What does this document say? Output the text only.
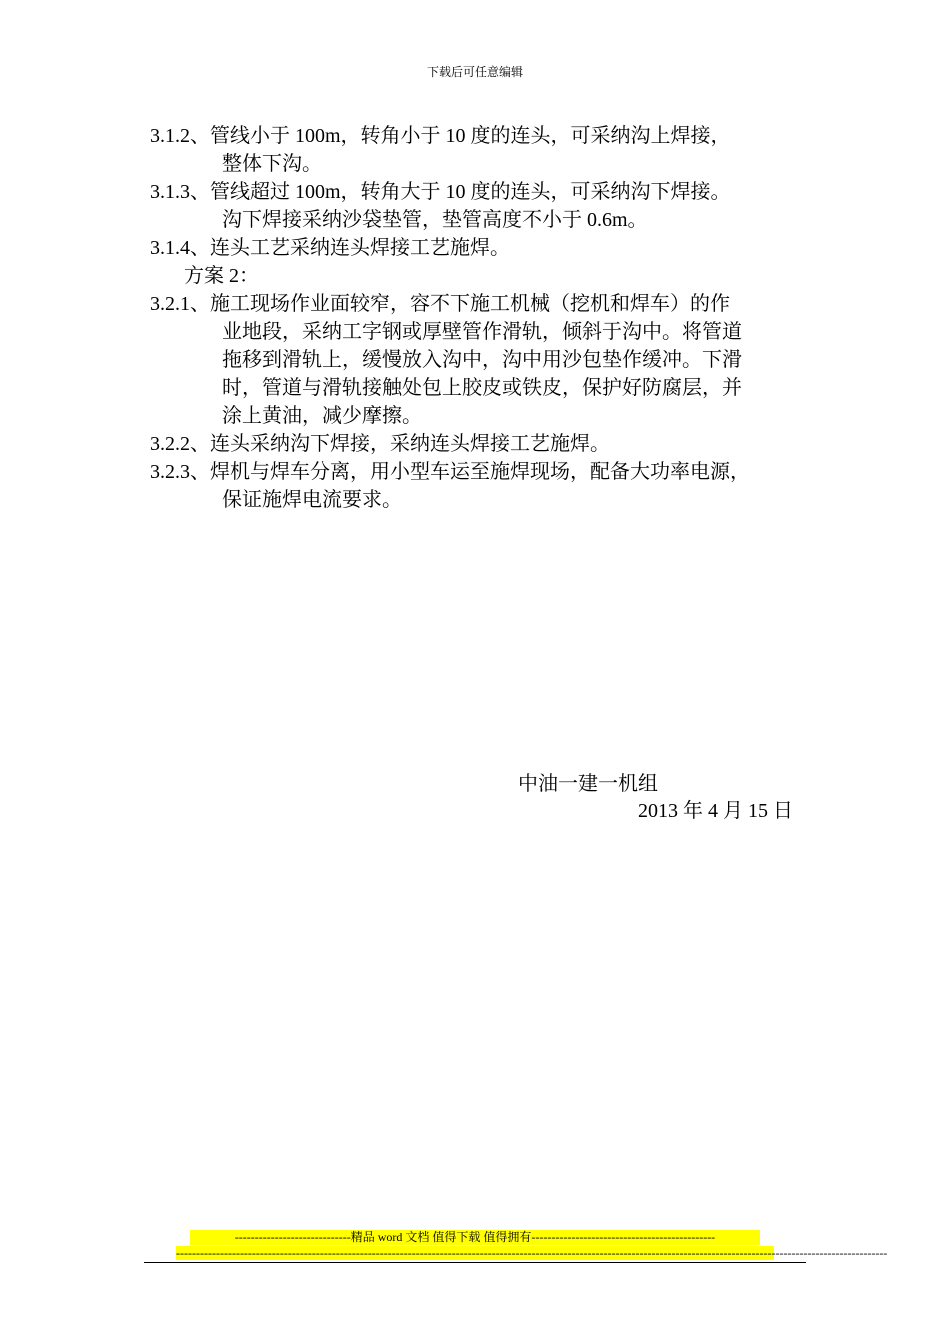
下载后可任意编辑
3.1.2、 管线小于 100m，转角小于 10 度的连头，可采纳沟上焊接，
整体下沟。
3.1.3、 管线超过 100m，转角大于 10 度的连头，可采纳沟下焊接。
沟下焊接采纳沙袋垫管，垫管高度不小于 0.6m。
3.1.4、 连头工艺采纳连头焊接工艺施焊。
方案 2：
3.2.1、 施工现场作业面较窄，容不下施工机械（挖机和焊车）的作
业地段，采纳工字钢或厚壁管作滑轨，倾斜于沟中。将管道
拖移到滑轨上，缓慢放入沟中，沟中用沙包垫作缓冲。下滑
时，管道与滑轨接触处包上胶皮或铁皮，保护好防腐层，并
涂上黄油，减少摩擦。
3.2.2、 连头采纳沟下焊接，采纳连头焊接工艺施焊。
3.2.3、 焊机与焊车分离，用小型车运至施焊现场，配备大功率电源，
保证施焊电流要求。
中油一建一机组
2013 年 4 月 15 日
-----------------------------精品 word 文档 值得下载 值得拥有----------------------------------------------
----------------------------------------------------------------------------------------------------------------------------------------------------------------------------------
